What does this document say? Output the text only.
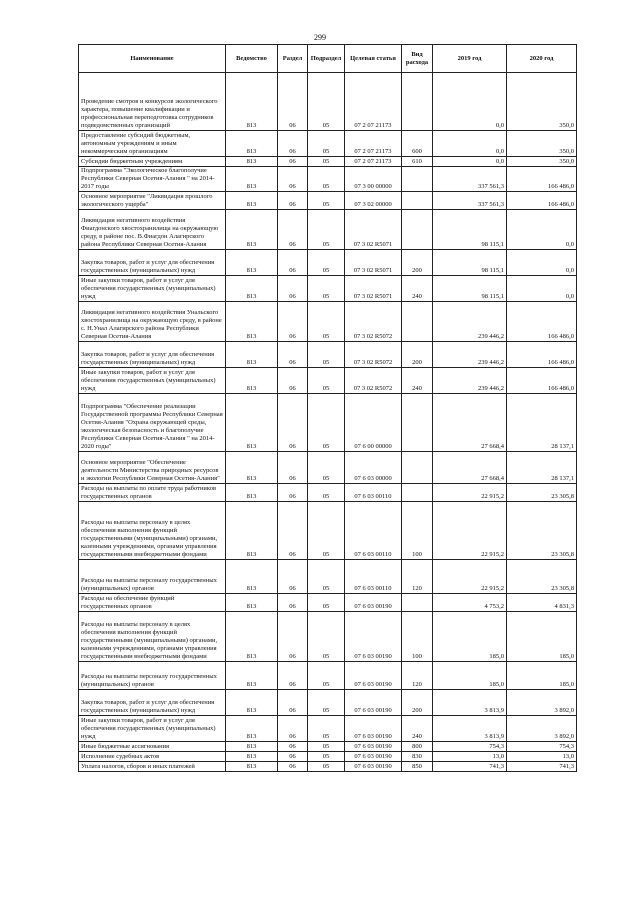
299
Наименование	Ведомство	Раздел	Подраздел	Целевая статья	Вид расхода	2019 год	2020 год
Проведение смотров и конкурсов экологического характера, повышение квалификации и профессиональная переподготовка сотрудников подведомственных организаций	813	06	05	07 2 07 21173		0,0	350,0
Предоставление субсидий бюджетным, автономным учреждениям и иным некоммерческим организациям	813	06	05	07 2 07 21173	600	0,0	350,0
Субсидии бюджетным учреждениям	813	06	05	07 2 07 21173	610	0,0	350,0
Подпрограмма "Экологическое благополучие Республики Северная Осетия-Алания " на 2014-2017 годы	813	06	05	07 3 00 00000		337 561,3	166 486,0
Основное мероприятие "Ликвидация прошлого экологического ущерба"	813	06	05	07 3 02 00000		337 561,3	166 486,0
Ликвидация негативного воздействия Фиагдонского хвостохранилища на окружающую среду, в районе пос. В.Фиагдон Алагирского района Республики Северная Осетия-Алания	813	06	05	07 3 02 R5071		98 115,1	0,0
Закупка товаров, работ и услуг для обеспечения государственных (муниципальных) нужд	813	06	05	07 3 02 R5071	200	98 115,1	0,0
Иные закупки товаров, работ и услуг для обеспечения государственных (муниципальных) нужд	813	06	05	07 3 02 R5071	240	98 115,1	0,0
Ликвидация негативного воздействия Унальского хвостохранилища на окружающую среду, в районе с. Н.Унал Алагирского района Республики Северная Осетия-Алания	813	06	05	07 3 02 R5072		239 446,2	166 486,0
Закупка товаров, работ и услуг для обеспечения государственных (муниципальных) нужд	813	06	05	07 3 02 R5072	200	239 446,2	166 486,0
Иные закупки товаров, работ и услуг для обеспечения государственных (муниципальных) нужд	813	06	05	07 3 02 R5072	240	239 446,2	166 486,0
Подпрограмма "Обеспечение реализации Государственной программы Республики Северная Осетия-Алания "Охрана окружающей среды, экологическая безопасность и благополучие Республики Северная Осетия-Алания " на 2014-2020 годы"	813	06	05	07 6 00 00000		27 668,4	28 137,1
Основное мероприятие "Обеспечение деятельности Министерства природных ресурсов и экологии Республики Северная Осетия-Алания"	813	06	05	07 6 03 00000		27 668,4	28 137,1
Расходы на выплаты по оплате труда работников государственных органов	813	06	05	07 6 03 00110		22 915,2	23 305,8
Расходы на выплаты персоналу в целях обеспечения выполнения функций государственными (муниципальными) органами, казенными учреждениями, органами управления государственными внебюджетными фондами	813	06	05	07 6 03 00110	100	22 915,2	23 305,8
Расходы на выплаты персоналу государственных (муниципальных) органов	813	06	05	07 6 03 00110	120	22 915,2	23 305,8
Расходы на обеспечение функций государственных органов	813	06	05	07 6 03 00190		4 753,2	4 831,3
Расходы на выплаты персоналу в целях обеспечения выполнения функций государственными (муниципальными) органами, казенными учреждениями, органами управления государственными внебюджетными фондами	813	06	05	07 6 03 00190	100	185,0	185,0
Расходы на выплаты персоналу государственных (муниципальных) органов	813	06	05	07 6 03 00190	120	185,0	185,0
Закупка товаров, работ и услуг для обеспечения государственных (муниципальных) нужд	813	06	05	07 6 03 00190	200	3 813,9	3 892,0
Иные закупки товаров, работ и услуг для обеспечения государственных (муниципальных) нужд	813	06	05	07 6 03 00190	240	3 813,9	3 892,0
Иные бюджетные ассигнования	813	06	05	07 6 03 00190	800	754,3	754,3
Исполнение судебных актов	813	06	05	07 6 03 00190	830	13,0	13,0
Уплата налогов, сборов и иных платежей	813	06	05	07 6 03 00190	850	741,3	741,3
